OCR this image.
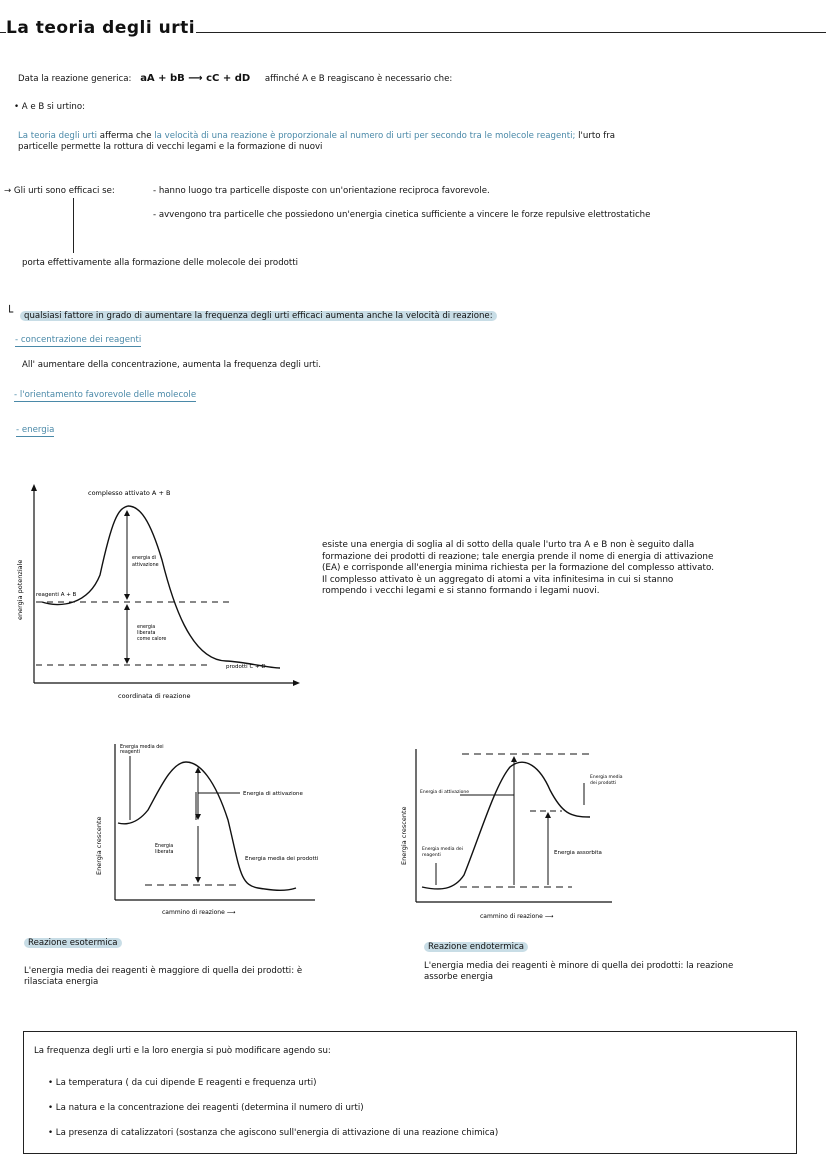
La teoria degli urti
Data la reazione generica: aA + bB ⟶ cC + dD affinché A e B reagiscano è necessario che:
• A e B si urtino:
La teoria degli urti afferma che la velocità di una reazione è proporzionale al numero di urti per secondo tra le molecole reagenti; l'urto fra
particelle permette la rottura di vecchi legami e la formazione di nuovi
→ Gli urti sono efficaci se:	- hanno luogo tra particelle disposte con un'orientazione reciproca favorevole.
- avvengono tra particelle che possiedono un'energia cinetica sufficiente a vincere le forze repulsive elettrostatiche
porta effettivamente alla formazione delle molecole dei prodotti
└	qualsiasi fattore in grado di aumentare la frequenza degli urti efficaci aumenta anche la velocità di reazione:
- concentrazione dei reagenti
All' aumentare della concentrazione, aumenta la frequenza degli urti.
- l'orientamento favorevole delle molecole
- energia
complesso attivato A + B
reagenti A + B
prodotti C + D
energia di
attivazione
energia
liberata
come calore
coordinata di reazione
energia potenziale
esiste una energia di soglia al di sotto della quale l'urto tra A e B non è seguito dalla
formazione dei prodotti di reazione; tale energia prende il nome di energia di attivazione
(EA) e corrisponde all'energia minima richiesta per la formazione del complesso attivato.
Il complesso attivato è un aggregato di atomi a vita infinitesima in cui si stanno
rompendo i vecchi legami e si stanno formando i legami nuovi.
Energia media dei
reagenti
Energia di attivazione
Energia
liberata
Energia media dei prodotti
cammino di reazione ⟶
Energia crescente
Energia di attivazione
Energia media
dei prodotti
Energia media dei
reagenti	Energia assorbita
cammino di reazione ⟶
Energia crescente
Reazione esotermica
L'energia media dei reagenti è maggiore di quella dei prodotti: è
rilasciata energia
Reazione endotermica
L'energia media dei reagenti è minore di quella dei prodotti: la reazione
assorbe energia
La frequenza degli urti e la loro energia si può modificare agendo su:
• La temperatura ( da cui dipende E reagenti e frequenza urti)
• La natura e la concentrazione dei reagenti (determina il numero di urti)
• La presenza di catalizzatori (sostanza che agiscono sull'energia di attivazione di una reazione chimica)
